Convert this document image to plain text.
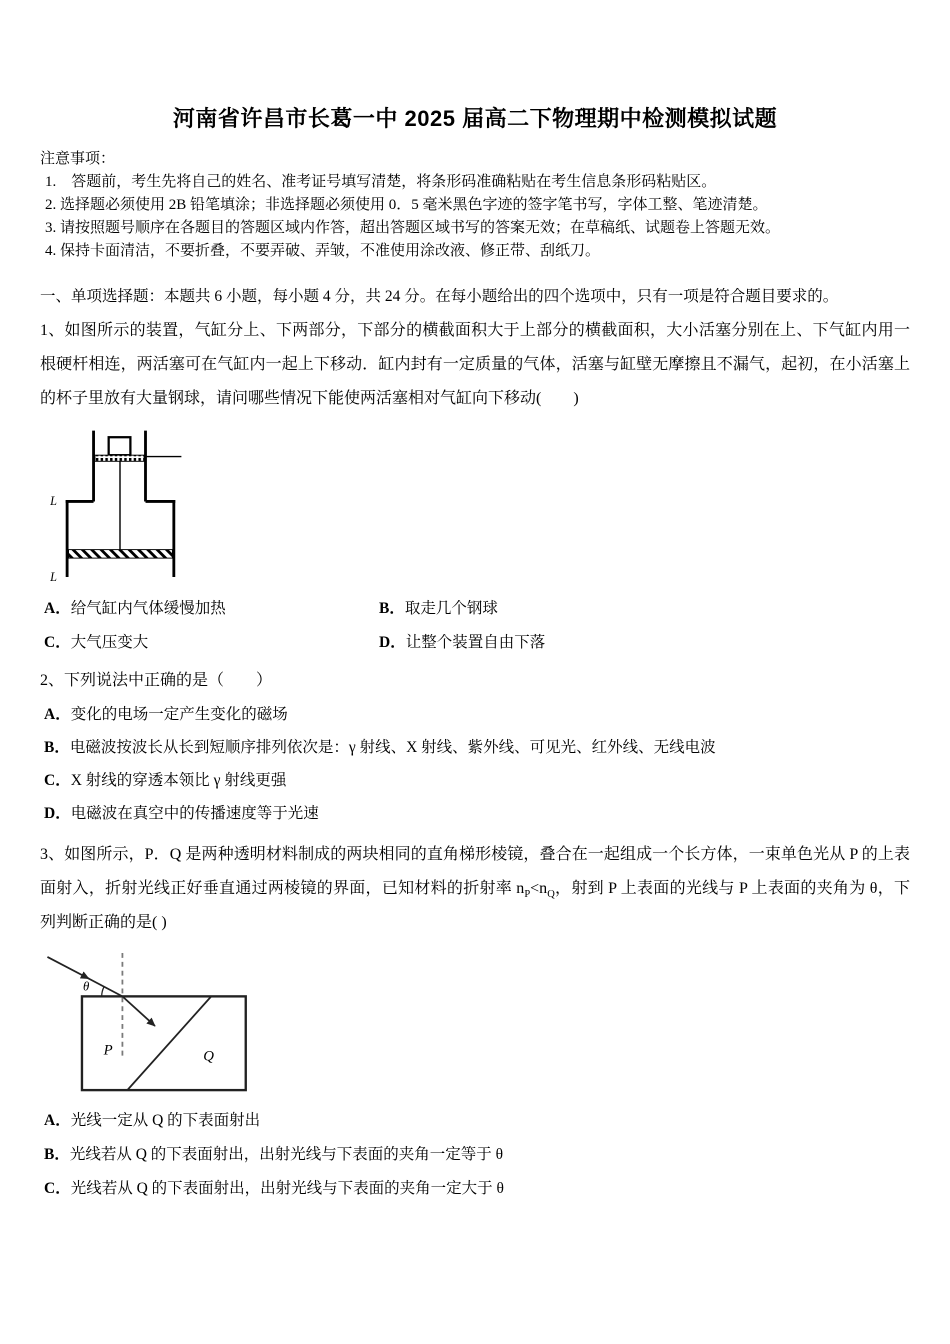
河南省许昌市长葛一中 2025 届高二下物理期中检测模拟试题

注意事项：

1.　答题前，考生先将自己的姓名、准考证号填写清楚，将条形码准确粘贴在考生信息条形码粘贴区。

2. 选择题必须使用 2B 铅笔填涂；非选择题必须使用 0．5 毫米黑色字迹的签字笔书写，字体工整、笔迹清楚。

3. 请按照题号顺序在各题目的答题区域内作答，超出答题区域书写的答案无效；在草稿纸、试题卷上答题无效。

4. 保持卡面清洁，不要折叠，不要弄破、弄皱，不准使用涂改液、修正带、刮纸刀。

一、单项选择题：本题共 6 小题，每小题 4 分，共 24 分。在每小题给出的四个选项中，只有一项是符合题目要求的。

1、如图所示的装置，气缸分上、下两部分，下部分的横截面积大于上部分的横截面积，大小活塞分别在上、下气缸内用一根硬杆相连，两活塞可在气缸内一起上下移动．缸内封有一定质量的气体，活塞与缸壁无摩擦且不漏气，起初，在小活塞上的杯子里放有大量钢球，请问哪些情况下能使两活塞相对气缸向下移动(　　)

L
L

A．给气缸内气体缓慢加热	B．取走几个钢球

C．大气压变大	D．让整个装置自由下落

2、下列说法中正确的是（　　）

A．变化的电场一定产生变化的磁场

B．电磁波按波长从长到短顺序排列依次是：γ 射线、X 射线、紫外线、可见光、红外线、无线电波

C．X 射线的穿透本领比 γ 射线更强

D．电磁波在真空中的传播速度等于光速

3、如图所示，P．Q 是两种透明材料制成的两块相同的直角梯形棱镜，叠合在一起组成一个长方体，一束单色光从 P 的上表面射入，折射光线正好垂直通过两棱镜的界面，已知材料的折射率 $n_P<n_Q$，射到 P 上表面的光线与 P 上表面的夹角为 θ，下列判断正确的是( )

θ
P	Q

A．光线一定从 Q 的下表面射出

B．光线若从 Q 的下表面射出，出射光线与下表面的夹角一定等于 θ

C．光线若从 Q 的下表面射出，出射光线与下表面的夹角一定大于 θ
